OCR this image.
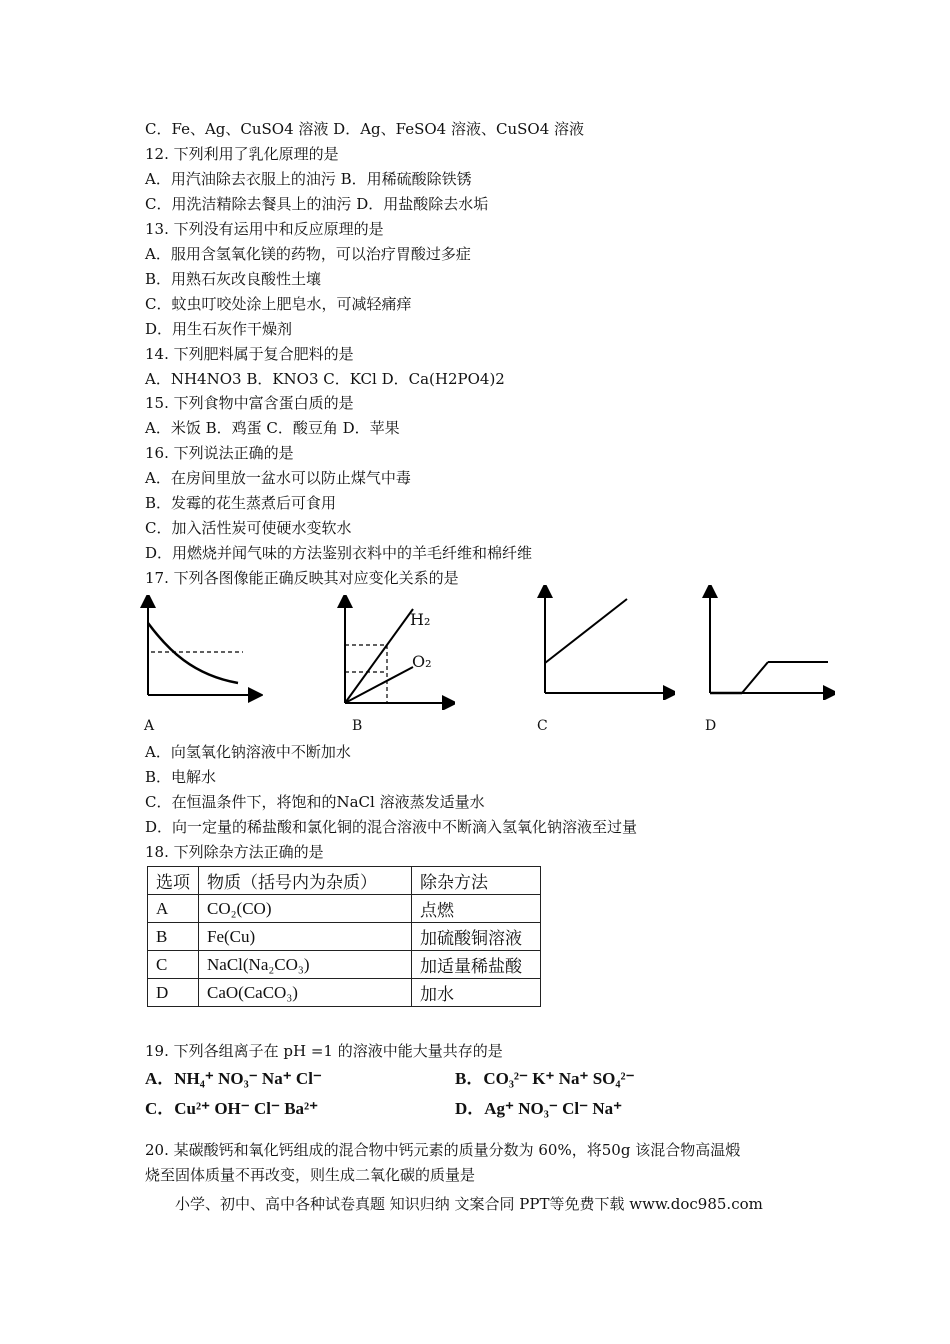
C．Fe、Ag、CuSO4 溶液 D．Ag、FeSO4 溶液、CuSO4 溶液
12. 下列利用了乳化原理的是
A．用汽油除去衣服上的油污 B．用稀硫酸除铁锈
C．用洗洁精除去餐具上的油污 D．用盐酸除去水垢
13. 下列没有运用中和反应原理的是
A．服用含氢氧化镁的药物，可以治疗胃酸过多症
B．用熟石灰改良酸性土壤
C．蚊虫叮咬处涂上肥皂水，可减轻痛痒
D．用生石灰作干燥剂
14. 下列肥料属于复合肥料的是
A．NH4NO3 B．KNO3 C．KCl D．Ca(H2PO4)2
15. 下列食物中富含蛋白质的是
A．米饭 B．鸡蛋 C．酸豆角 D．苹果
16. 下列说法正确的是
A．在房间里放一盆水可以防止煤气中毒
B．发霉的花生蒸煮后可食用
C．加入活性炭可使硬水变软水
D．用燃烧并闻气味的方法鉴别衣料中的羊毛纤维和棉纤维
17. 下列各图像能正确反映其对应变化关系的是
A
H₂
O₂
B	C	D
A．向氢氧化钠溶液中不断加水
B．电解水
C．在恒温条件下，将饱和的NaCl 溶液蒸发适量水
D．向一定量的稀盐酸和氯化铜的混合溶液中不断滴入氢氧化钠溶液至过量
18. 下列除杂方法正确的是
选项	物质（括号内为杂质）	除杂方法
A	CO₂(CO)	点燃
B	Fe(Cu)	加硫酸铜溶液
C	NaCl(Na₂CO₃)	加适量稀盐酸
D	CaO(CaCO₃)	加水
19. 下列各组离子在 pH =1 的溶液中能大量共存的是
A．NH₄⁺ NO₃⁻ Na⁺ Cl⁻	B．CO₃²⁻ K⁺ Na⁺ SO₄²⁻
C．Cu²⁺ OH⁻ Cl⁻ Ba²⁺	D．Ag⁺ NO₃⁻ Cl⁻ Na⁺
20. 某碳酸钙和氧化钙组成的混合物中钙元素的质量分数为 60%，将50g 该混合物高温煅
烧至固体质量不再改变，则生成二氧化碳的质量是
小学、初中、高中各种试卷真题 知识归纳 文案合同 PPT等免费下载 www.doc985.com
